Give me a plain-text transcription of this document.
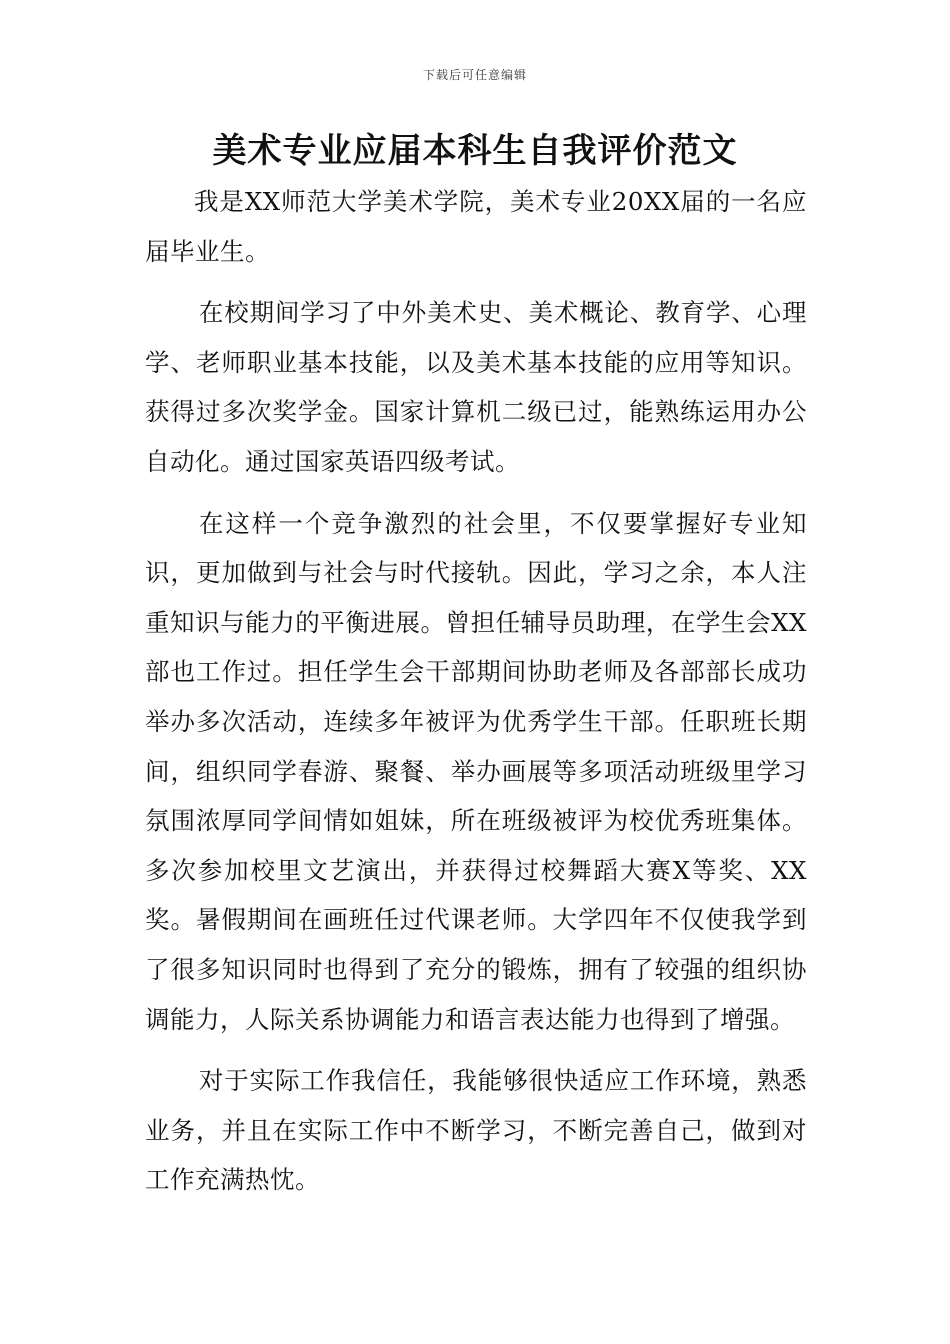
下载后可任意编辑
美术专业应届本科生自我评价范文

我是XX师范大学美术学院，美术专业20XX届的一名应届毕业生。

在校期间学习了中外美术史、美术概论、教育学、心理学、老师职业基本技能，以及美术基本技能的应用等知识。获得过多次奖学金。国家计算机二级已过，能熟练运用办公自动化。通过国家英语四级考试。

在这样一个竞争激烈的社会里，不仅要掌握好专业知识，更加做到与社会与时代接轨。因此，学习之余，本人注重知识与能力的平衡进展。曾担任辅导员助理，在学生会XX部也工作过。担任学生会干部期间协助老师及各部部长成功举办多次活动，连续多年被评为优秀学生干部。任职班长期间，组织同学春游、聚餐、举办画展等多项活动班级里学习氛围浓厚同学间情如姐妹，所在班级被评为校优秀班集体。多次参加校里文艺演出，并获得过校舞蹈大赛X等奖、XX奖。暑假期间在画班任过代课老师。大学四年不仅使我学到了很多知识同时也得到了充分的锻炼，拥有了较强的组织协调能力，人际关系协调能力和语言表达能力也得到了增强。

对于实际工作我信任，我能够很快适应工作环境，熟悉业务，并且在实际工作中不断学习，不断完善自己，做到对工作充满热忱。
